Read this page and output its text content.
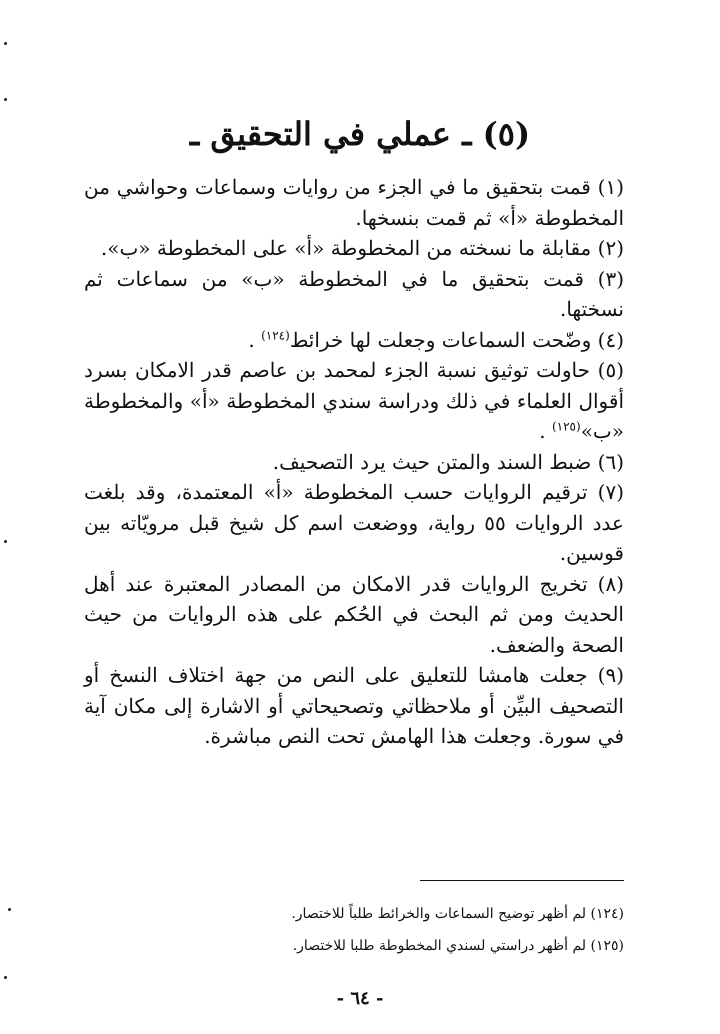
(٥) ـ عملي في التحقيق ـ

(١) قمت بتحقيق ما في الجزء من روايات وسماعات وحواشي من المخطوطة «أ» ثم قمت بنسخها.

(٢) مقابلة ما نسخته من المخطوطة «أ» على المخطوطة «ب».

(٣) قمت بتحقيق ما في المخطوطة «ب» من سماعات ثم نسختها.

(٤) وضّحت السماعات وجعلت لها خرائط$^{(١٢٤)}$ .

(٥) حاولت توثيق نسبة الجزء لمحمد بن عاصم قدر الامكان بسرد أقوال العلماء في ذلك ودراسة سندي المخطوطة «أ» والمخطوطة «ب»$^{(١٢٥)}$ .

(٦) ضبط السند والمتن حيث يرد التصحيف.

(٧) ترقيم الروايات حسب المخطوطة «أ» المعتمدة، وقد بلغت عدد الروايات ٥٥ رواية، ووضعت اسم كل شيخ قبل مرويّاته بين قوسين.

(٨) تخريج الروايات قدر الامكان من المصادر المعتبرة عند أهل الحديث ومن ثم البحث في الحُكم على هذه الروايات من حيث الصحة والضعف.

(٩) جعلت هامشا للتعليق على النص من جهة اختلاف النسخ أو التصحيف البيِّن أو ملاحظاتي وتصحيحاتي أو الاشارة إلى مكان آية في سورة. وجعلت هذا الهامش تحت النص مباشرة.

(١٢٤) لم أظهر توضيح السماعات والخرائط طلباً للاختصار.

(١٢٥) لم أظهر دراستي لسندي المخطوطة طلبا للاختصار.

- ٦٤ -
